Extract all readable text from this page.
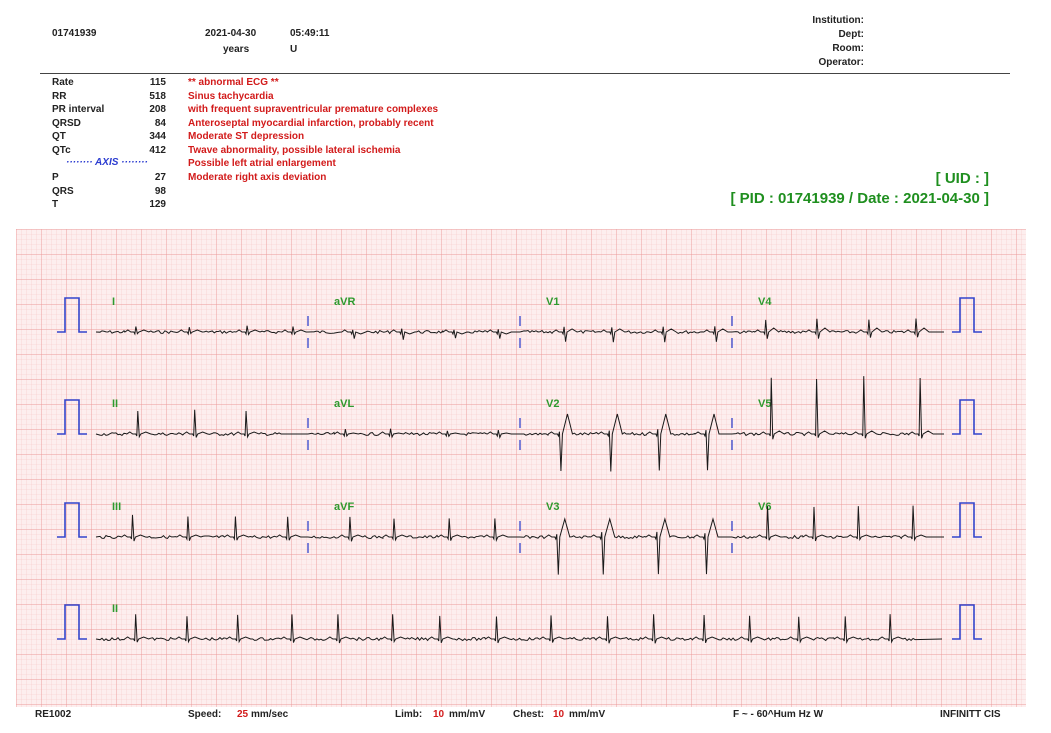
01741939	2021-04-30	05:49:11
years	U
Institution:
Dept:
Room:
Operator:
Rate	115
RR	518
PR interval	208
QRSD	84
QT	344
QTc	412
········ AXIS ········
P	27
QRS	98
T	129
** abnormal ECG **
Sinus tachycardia
with frequent supraventricular premature complexes
Anteroseptal myocardial infarction, probably recent
Moderate ST depression
Twave abnormality, possible lateral ischemia
Possible left atrial enlargement
Moderate right axis deviation	[ UID : ]
[ PID : 01741939 / Date : 2021-04-30 ]
I	aVR	V1	V4
II	aVL	V2	V5
III	aVF	V3	V6
II
RE1002	Speed: 25 mm/sec	Limb: 10 mm/mV	Chest: 10 mm/mV	F ~ - 60^Hum Hz W	INFINITT CIS
